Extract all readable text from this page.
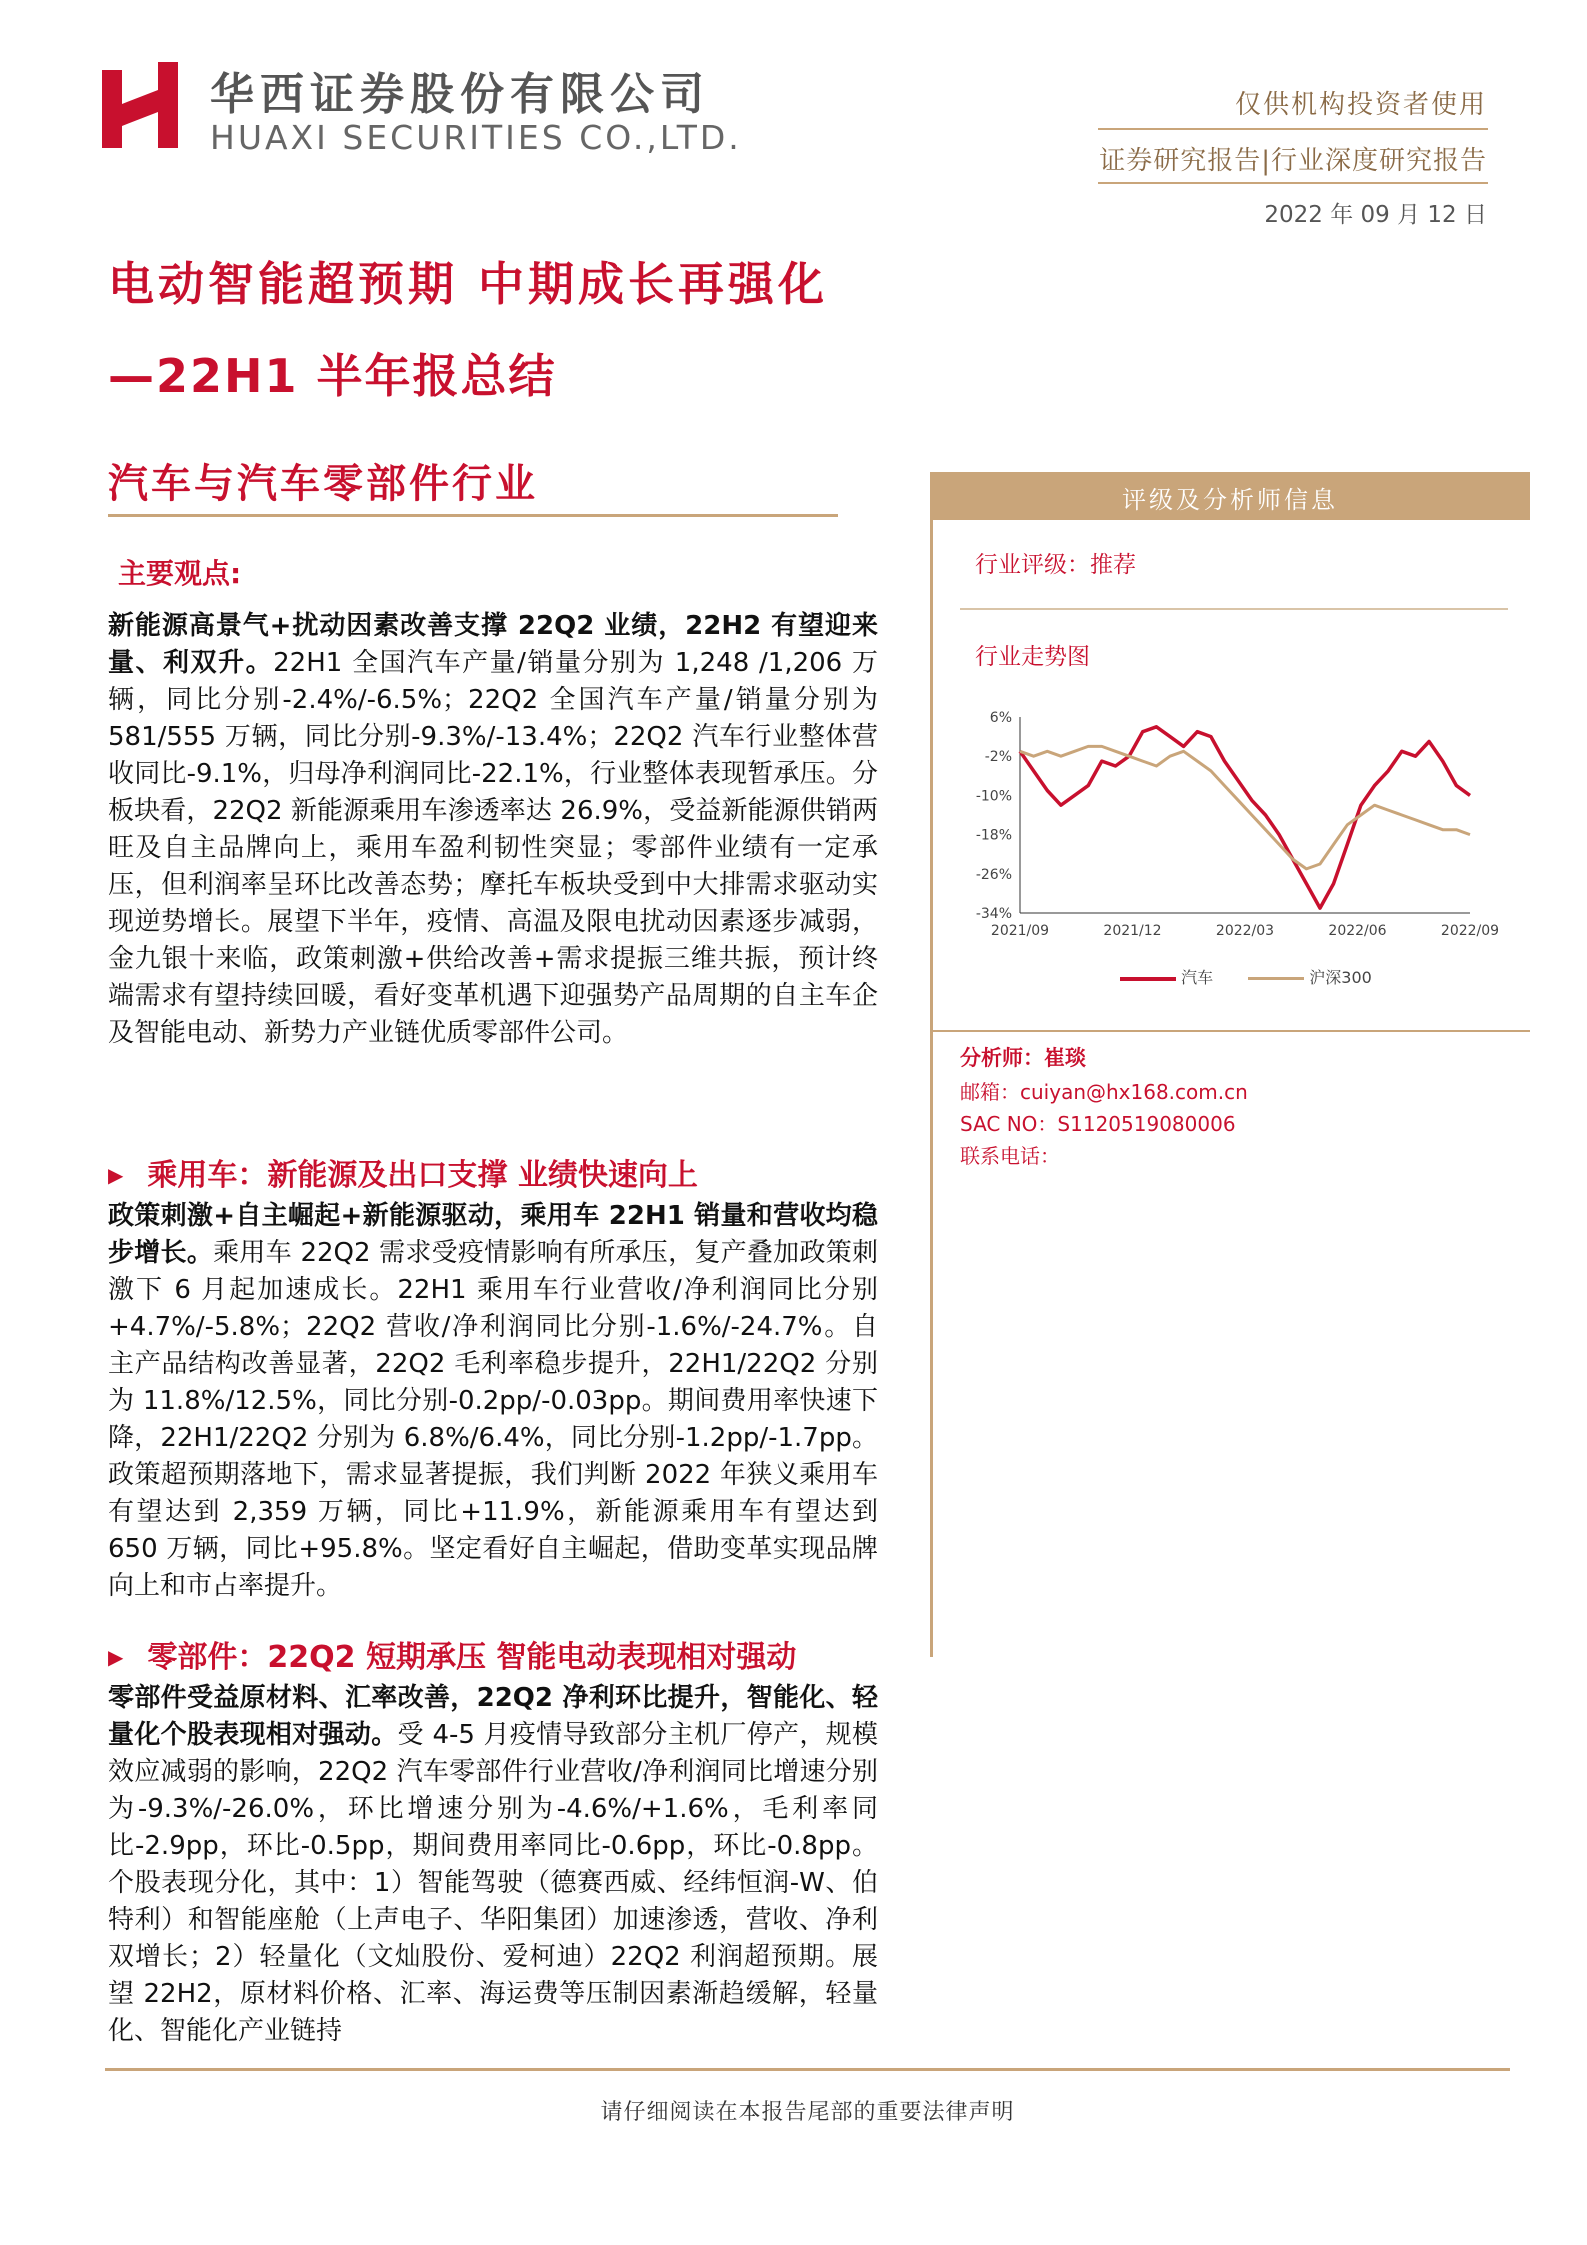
华西证券股份有限公司
HUAXI SECURITIES CO.,LTD.
仅供机构投资者使用
证券研究报告|行业深度研究报告
2022 年 09 月 12 日
电动智能超预期 中期成长再强化
—22H1 半年报总结
汽车与汽车零部件行业
主要观点:
新能源高景气+扰动因素改善支撑 22Q2 业绩，22H2 有望迎来量、利双升。22H1 全国汽车产量/销量分别为 1,248 /1,206 万辆，同比分别-2.4%/-6.5%；22Q2 全国汽车产量/销量分别为 581/555 万辆，同比分别-9.3%/-13.4%；22Q2 汽车行业整体营收同比-9.1%，归母净利润同比-22.1%，行业整体表现暂承压。分板块看，22Q2 新能源乘用车渗透率达 26.9%，受益新能源供销两旺及自主品牌向上，乘用车盈利韧性突显；零部件业绩有一定承压，但利润率呈环比改善态势；摩托车板块受到中大排需求驱动实现逆势增长。展望下半年，疫情、高温及限电扰动因素逐步减弱，金九银十来临，政策刺激+供给改善+需求提振三维共振，预计终端需求有望持续回暖，看好变革机遇下迎强势产品周期的自主车企及智能电动、新势力产业链优质零部件公司。
▶ 乘用车：新能源及出口支撑 业绩快速向上
政策刺激+自主崛起+新能源驱动，乘用车 22H1 销量和营收均稳步增长。乘用车 22Q2 需求受疫情影响有所承压，复产叠加政策刺激下 6 月起加速成长。22H1 乘用车行业营收/净利润同比分别+4.7%/-5.8%；22Q2 营收/净利润同比分别-1.6%/-24.7%。自主产品结构改善显著，22Q2 毛利率稳步提升，22H1/22Q2 分别为 11.8%/12.5%，同比分别-0.2pp/-0.03pp。期间费用率快速下降，22H1/22Q2 分别为 6.8%/6.4%，同比分别-1.2pp/-1.7pp。政策超预期落地下，需求显著提振，我们判断 2022 年狭义乘用车有望达到 2,359 万辆，同比+11.9%，新能源乘用车有望达到 650 万辆，同比+95.8%。坚定看好自主崛起，借助变革实现品牌向上和市占率提升。
▶ 零部件：22Q2 短期承压 智能电动表现相对强动
零部件受益原材料、汇率改善，22Q2 净利环比提升，智能化、轻量化个股表现相对强动。受 4-5 月疫情导致部分主机厂停产，规模效应减弱的影响，22Q2 汽车零部件行业营收/净利润同比增速分别为-9.3%/-26.0%，环比增速分别为-4.6%/+1.6%，毛利率同比-2.9pp，环比-0.5pp，期间费用率同比-0.6pp，环比-0.8pp。个股表现分化，其中：1）智能驾驶（德赛西威、经纬恒润-W、伯特利）和智能座舱（上声电子、华阳集团）加速渗透，营收、净利双增长；2）轻量化（文灿股份、爱柯迪）22Q2 利润超预期。展望 22H2，原材料价格、汇率、海运费等压制因素渐趋缓解，轻量化、智能化产业链持
评级及分析师信息
行业评级：推荐
行业走势图
6%
-2%
-10%
-18%
-26%
-34%
2021/09	2021/12	2022/03	2022/06	2022/09
汽车	沪深300
分析师：崔琰
邮箱：cuiyan@hx168.com.cn
SAC NO：S1120519080006
联系电话：
请仔细阅读在本报告尾部的重要法律声明
